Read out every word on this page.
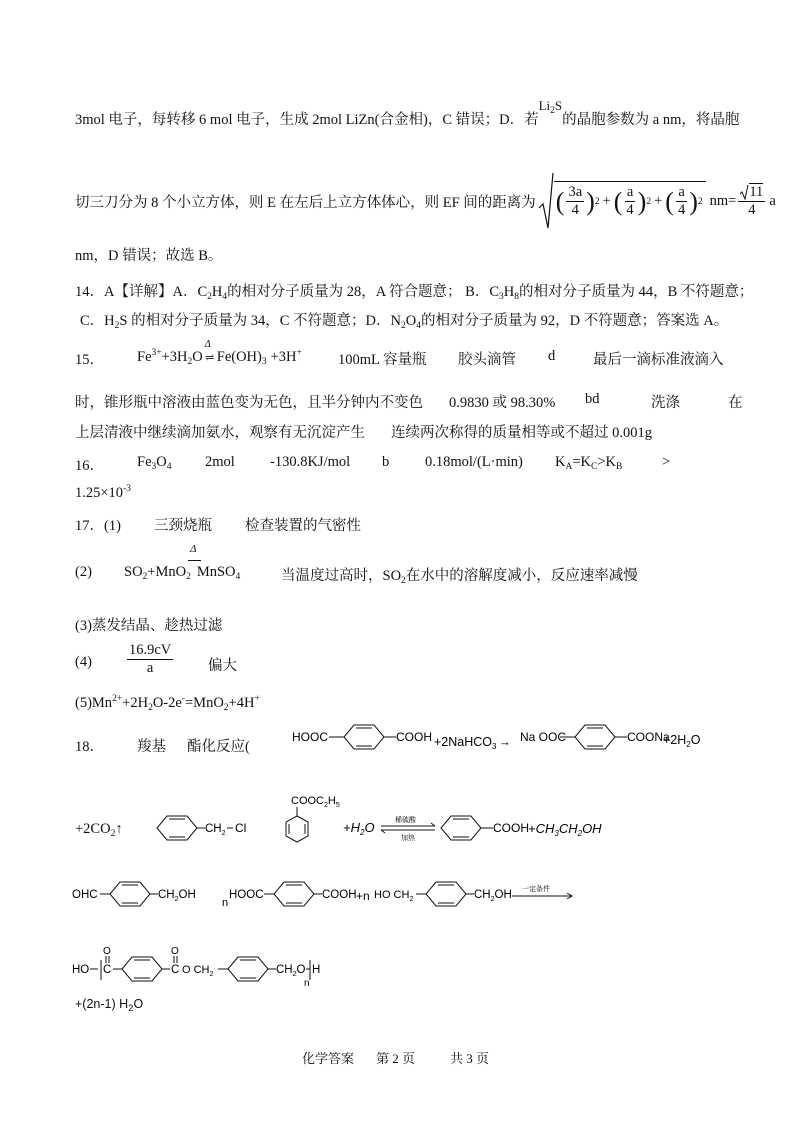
3mol 电子，每转移 6 mol 电子，生成 2mol LiZn(合金相)，C 错误；D．若$Li_2S$的晶胞参数为 a nm，将晶胞
切三刀分为 8 个小立方体，则 E 在左后上立方体体心，则 EF 间的距离为 ( $\frac{3a}{4}$ ) 2 + ( $\frac{a}{4}$ ) 2 + ( $\frac{a}{4}$ ) 2 $nm= \frac{11}{4}$ a
nm，D 错误；故选 B。
14．A【详解】A．$C_2H_4$的相对分子质量为 28，A 符合题意； B．$C_3H_8$的相对分子质量为 44，B 不符题意；
C．$H_2S$ 的相对分子质量为 34，C 不符题意；D．$N_2O_4$的相对分子质量为 92，D 不符题意；答案选 A。
15． $Fe^{3+}+3H_2O$
Δ
⇌ $Fe(OH)_3 +3H^+$ 100mL 容量瓶 胶头滴管 d	最后一滴标准液滴入
时，锥形瓶中溶液由蓝色变为无色，且半分钟内不变色 0.9830 或 98.30% bd	洗涤	在
上层清液中继续滴加氨水，观察有无沉淀产生 连续两次称得的质量相等或不超过 0.001g
16． $Fe_3O_4$ 2mol -130.8KJ/mol b 0.18mol/(L·min) $K_A=K_C>K_B$	>
$1.25\times 10^{-3}$
17．(1) 三颈烧瓶 检查装置的气密性
Δ
(2) $SO_2+MnO_2$ MnSO$_4$	当温度过高时，$SO_2$在水中的溶解度减小，反应速率减慢
(3)蒸发结晶、趁热过滤
$(4) \frac{16.9cV}{a}$ 偏大
$(5)Mn^{2+}+2H_2O-2e^-=MnO_2+4H^+$
18． 羧基 酯化反应(
HOOC	COOH +2NaHCO$_3$ → Na OOC	COONa
$+2H_2O$
$+2CO_2↑$	$CH_2$ Cl
$COOC_2H_5$
$+H_2O$	稀硫酸
加热
COOH $+CH_3CH_2OH$
OHC	$CH_2OH$
n
HOOC	COOH +n HO $CH_2$	$CH_2OH$ 一定条件
HO
O
C
O
C O $CH_2$	$CH_2O$
n
H
+(2n-1) $H_2O$
化学答案 第 2 页	共 3 页
